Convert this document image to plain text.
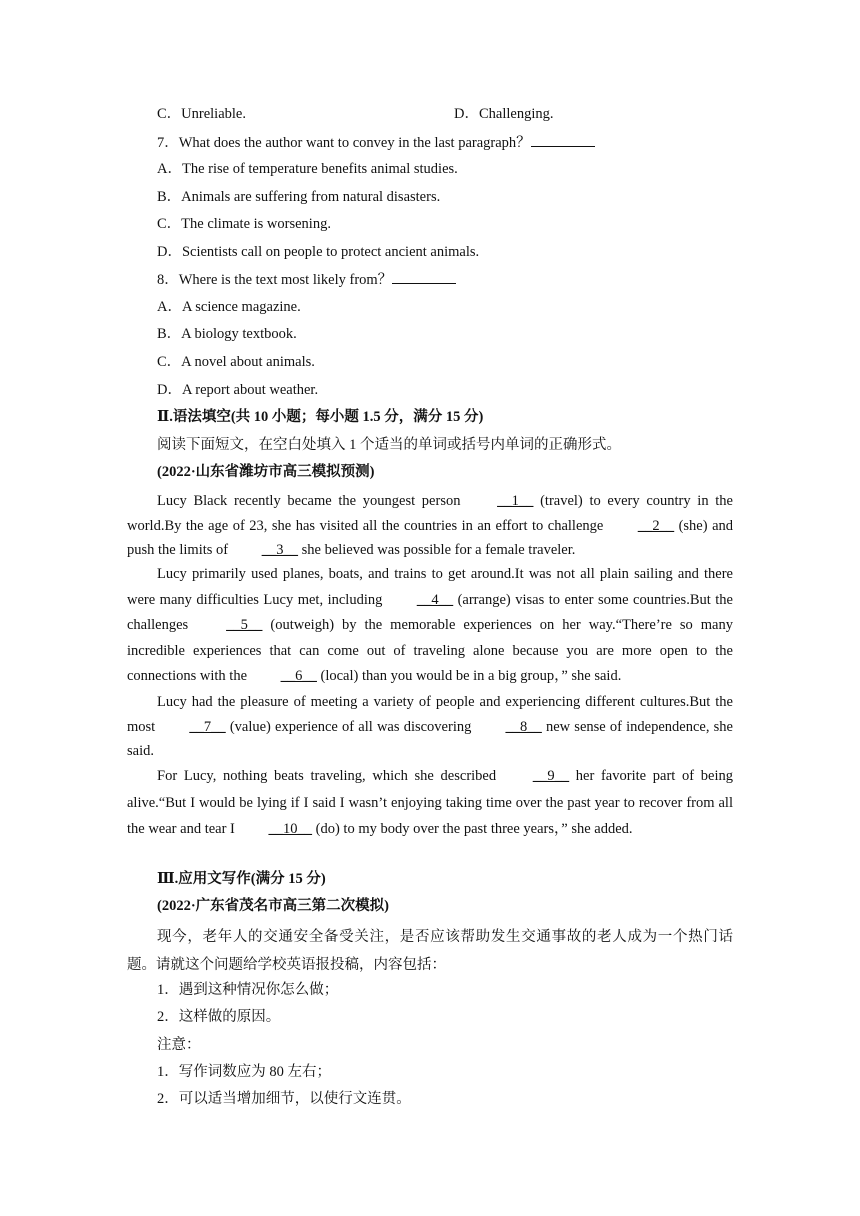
C．Unreliable.	D．Challenging.
7．What does the author want to convey in the last paragraph？
A．The rise of temperature benefits animal studies.
B．Animals are suffering from natural disasters.
C．The climate is worsening.
D．Scientists call on people to protect ancient animals.
8．Where is the text most likely from？
A．A science magazine.
B．A biology textbook.
C．A novel about animals.
D．A report about weather.
Ⅱ.语法填空(共 10 小题；每小题 1.5 分，满分 15 分)
阅读下面短文，在空白处填入 1 个适当的单词或括号内单词的正确形式。
(2022·山东省潍坊市高三模拟预测)

Lucy Black recently became the youngest person __1__ (travel) to every country in the world.By the age of 23, she has visited all the countries in an effort to challenge __2__ (she) and push the limits of __3__ she believed was possible for a female traveler.

Lucy primarily used planes, boats, and trains to get around.It was not all plain sailing and there were many difficulties Lucy met, including __4__ (arrange) visas to enter some countries.But the challenges __5__ (outweigh) by the memorable experiences on her way.“There’re so many incredible experiences that can come out of traveling alone because you are more open to the connections with the __6__ (local) than you would be in a big group，” she said.

Lucy had the pleasure of meeting a variety of people and experiencing different cultures.But the most __7__ (value) experience of all was discovering __8__ new sense of independence, she said.

For Lucy, nothing beats traveling, which she described __9__ her favorite part of being alive.“But I would be lying if I said I wasn’t enjoying taking time over the past year to recover from all the wear and tear I __10__ (do) to my body over the past three years，” she added.

Ⅲ.应用文写作(满分 15 分)
(2022·广东省茂名市高三第二次模拟)

现今，老年人的交通安全备受关注，是否应该帮助发生交通事故的老人成为一个热门话题。请就这个问题给学校英语报投稿，内容包括：

1．遇到这种情况你怎么做；
2．这样做的原因。
注意：
1．写作词数应为 80 左右；
2．可以适当增加细节，以使行文连贯。
